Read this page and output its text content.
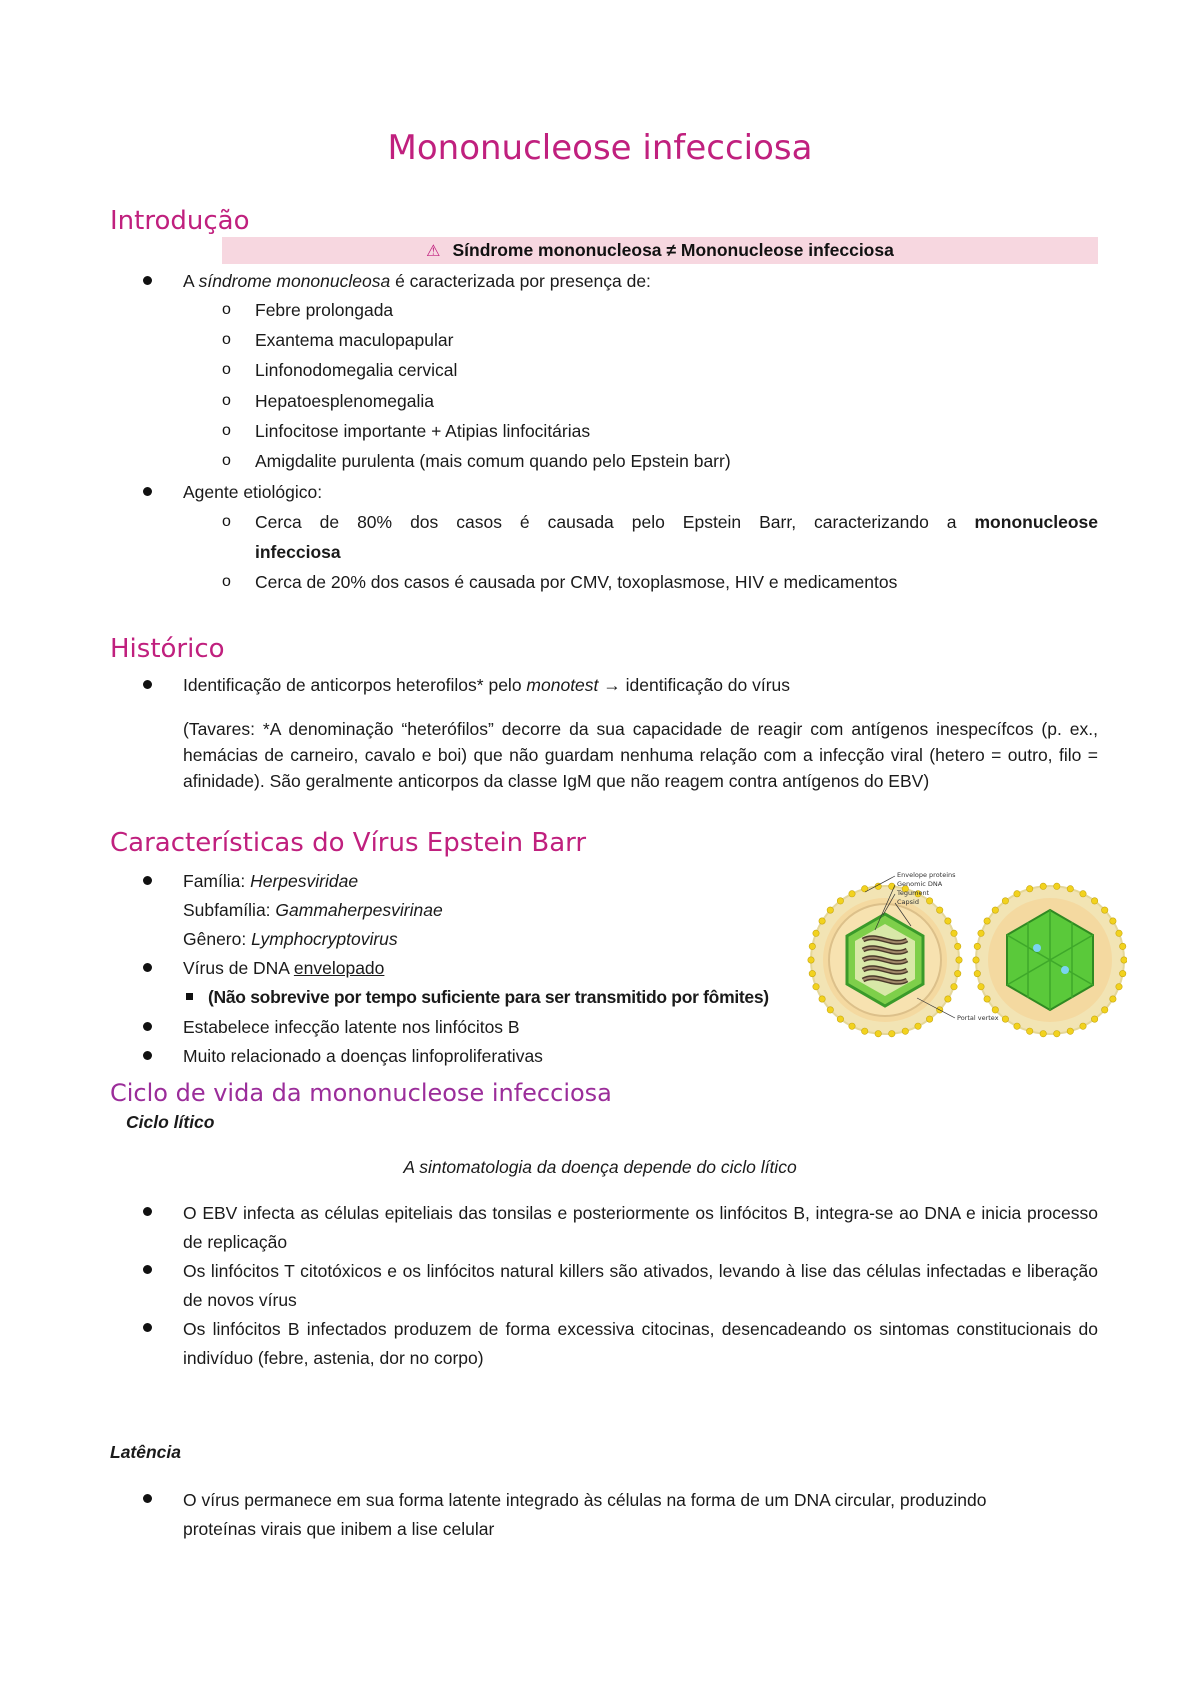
Mononucleose infecciosa
Introdução
⚠ Síndrome mononucleosa ≠ Mononucleose infecciosa
A síndrome mononucleosa é caracterizada por presença de:
o Febre prolongada
o Exantema maculopapular
o Linfonodomegalia cervical
o Hepatoesplenomegalia
o Linfocitose importante + Atipias linfocitárias
o Amigdalite purulenta (mais comum quando pelo Epstein barr)
Agente etiológico:
o Cerca de 80% dos casos é causada pelo Epstein Barr, caracterizando a mononucleose
infecciosa
o Cerca de 20% dos casos é causada por CMV, toxoplasmose, HIV e medicamentos
Histórico
Identificação de anticorpos heterofilos* pelo monotest → identificação do vírus
(Tavares: *A denominação “heterófilos” decorre da sua capacidade de reagir com antígenos inespecífcos (p. ex., hemácias de carneiro, cavalo e boi) que não guardam nenhuma relação com a infecção viral (hetero = outro, filo = afinidade). São geralmente anticorpos da classe IgM que não reagem contra antígenos do EBV)
Características do Vírus Epstein Barr
Família: Herpesviridae
Subfamília: Gammaherpesvirinae
Gênero: Lymphocryptovirus
Vírus de DNA envelopado
(Não sobrevive por tempo suficiente para ser transmitido por fômites)
Estabelece infecção latente nos linfócitos B
Muito relacionado a doenças linfoproliferativas
Envelope proteins
Genomic DNA
Tegument
Capsid
Portal vertex
Ciclo de vida da mononucleose infecciosa
Ciclo lítico
A sintomatologia da doença depende do ciclo lítico
O EBV infecta as células epiteliais das tonsilas e posteriormente os linfócitos B, integra-se ao DNA e inicia processo de replicação
Os linfócitos T citotóxicos e os linfócitos natural killers são ativados, levando à lise das células infectadas e liberação de novos vírus
Os linfócitos B infectados produzem de forma excessiva citocinas, desencadeando os sintomas constitucionais do indivíduo (febre, astenia, dor no corpo)
Latência
O vírus permanece em sua forma latente integrado às células na forma de um DNA circular, produzindo proteínas virais que inibem a lise celular
